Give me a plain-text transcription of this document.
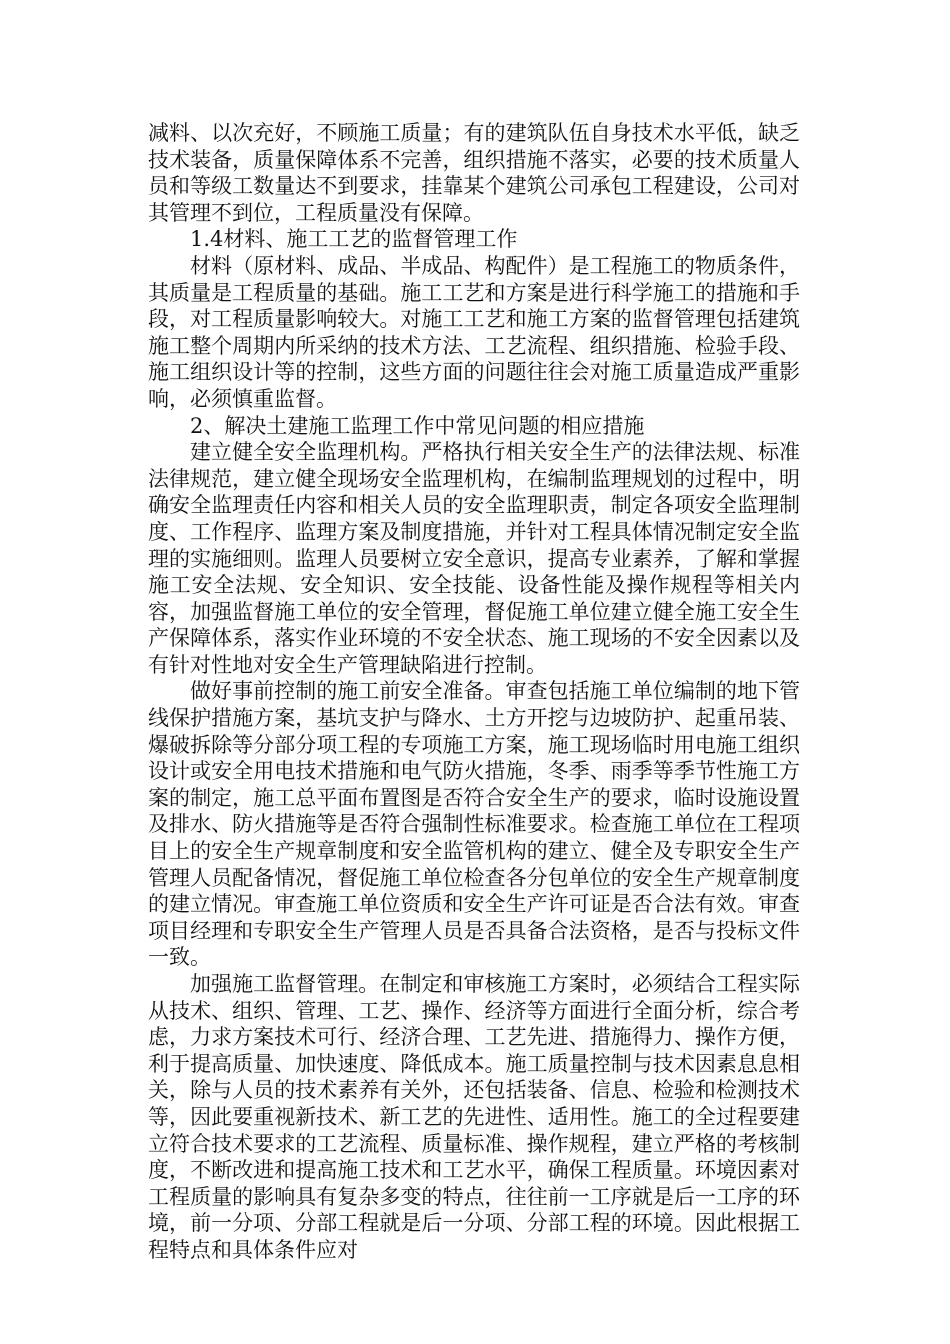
减料、以次充好，不顾施工质量；有的建筑队伍自身技术水平低，缺乏技术装备，质量保障体系不完善，组织措施不落实，必要的技术质量人员和等级工数量达不到要求，挂靠某个建筑公司承包工程建设，公司对其管理不到位，工程质量没有保障。

1.4材料、施工工艺的监督管理工作

材料（原材料、成品、半成品、构配件）是工程施工的物质条件，其质量是工程质量的基础。施工工艺和方案是进行科学施工的措施和手段，对工程质量影响较大。对施工工艺和施工方案的监督管理包括建筑施工整个周期内所采纳的技术方法、工艺流程、组织措施、检验手段、施工组织设计等的控制，这些方面的问题往往会对施工质量造成严重影响，必须慎重监督。

2、解决土建施工监理工作中常见问题的相应措施

建立健全安全监理机构。严格执行相关安全生产的法律法规、标准法律规范，建立健全现场安全监理机构，在编制监理规划的过程中，明确安全监理责任内容和相关人员的安全监理职责，制定各项安全监理制度、工作程序、监理方案及制度措施，并针对工程具体情况制定安全监理的实施细则。监理人员要树立安全意识，提高专业素养，了解和掌握施工安全法规、安全知识、安全技能、设备性能及操作规程等相关内容，加强监督施工单位的安全管理，督促施工单位建立健全施工安全生产保障体系，落实作业环境的不安全状态、施工现场的不安全因素以及有针对性地对安全生产管理缺陷进行控制。

做好事前控制的施工前安全准备。审查包括施工单位编制的地下管线保护措施方案，基坑支护与降水、土方开挖与边坡防护、起重吊装、爆破拆除等分部分项工程的专项施工方案，施工现场临时用电施工组织设计或安全用电技术措施和电气防火措施，冬季、雨季等季节性施工方案的制定，施工总平面布置图是否符合安全生产的要求，临时设施设置及排水、防火措施等是否符合强制性标准要求。检查施工单位在工程项目上的安全生产规章制度和安全监管机构的建立、健全及专职安全生产管理人员配备情况，督促施工单位检查各分包单位的安全生产规章制度的建立情况。审查施工单位资质和安全生产许可证是否合法有效。审查项目经理和专职安全生产管理人员是否具备合法资格，是否与投标文件一致。

加强施工监督管理。在制定和审核施工方案时，必须结合工程实际从技术、组织、管理、工艺、操作、经济等方面进行全面分析，综合考虑，力求方案技术可行、经济合理、工艺先进、措施得力、操作方便，利于提高质量、加快速度、降低成本。施工质量控制与技术因素息息相关，除与人员的技术素养有关外，还包括装备、信息、检验和检测技术等，因此要重视新技术、新工艺的先进性、适用性。施工的全过程要建立符合技术要求的工艺流程、质量标准、操作规程，建立严格的考核制度，不断改进和提高施工技术和工艺水平，确保工程质量。环境因素对工程质量的影响具有复杂多变的特点，往往前一工序就是后一工序的环境，前一分项、分部工程就是后一分项、分部工程的环境。因此根据工程特点和具体条件应对
